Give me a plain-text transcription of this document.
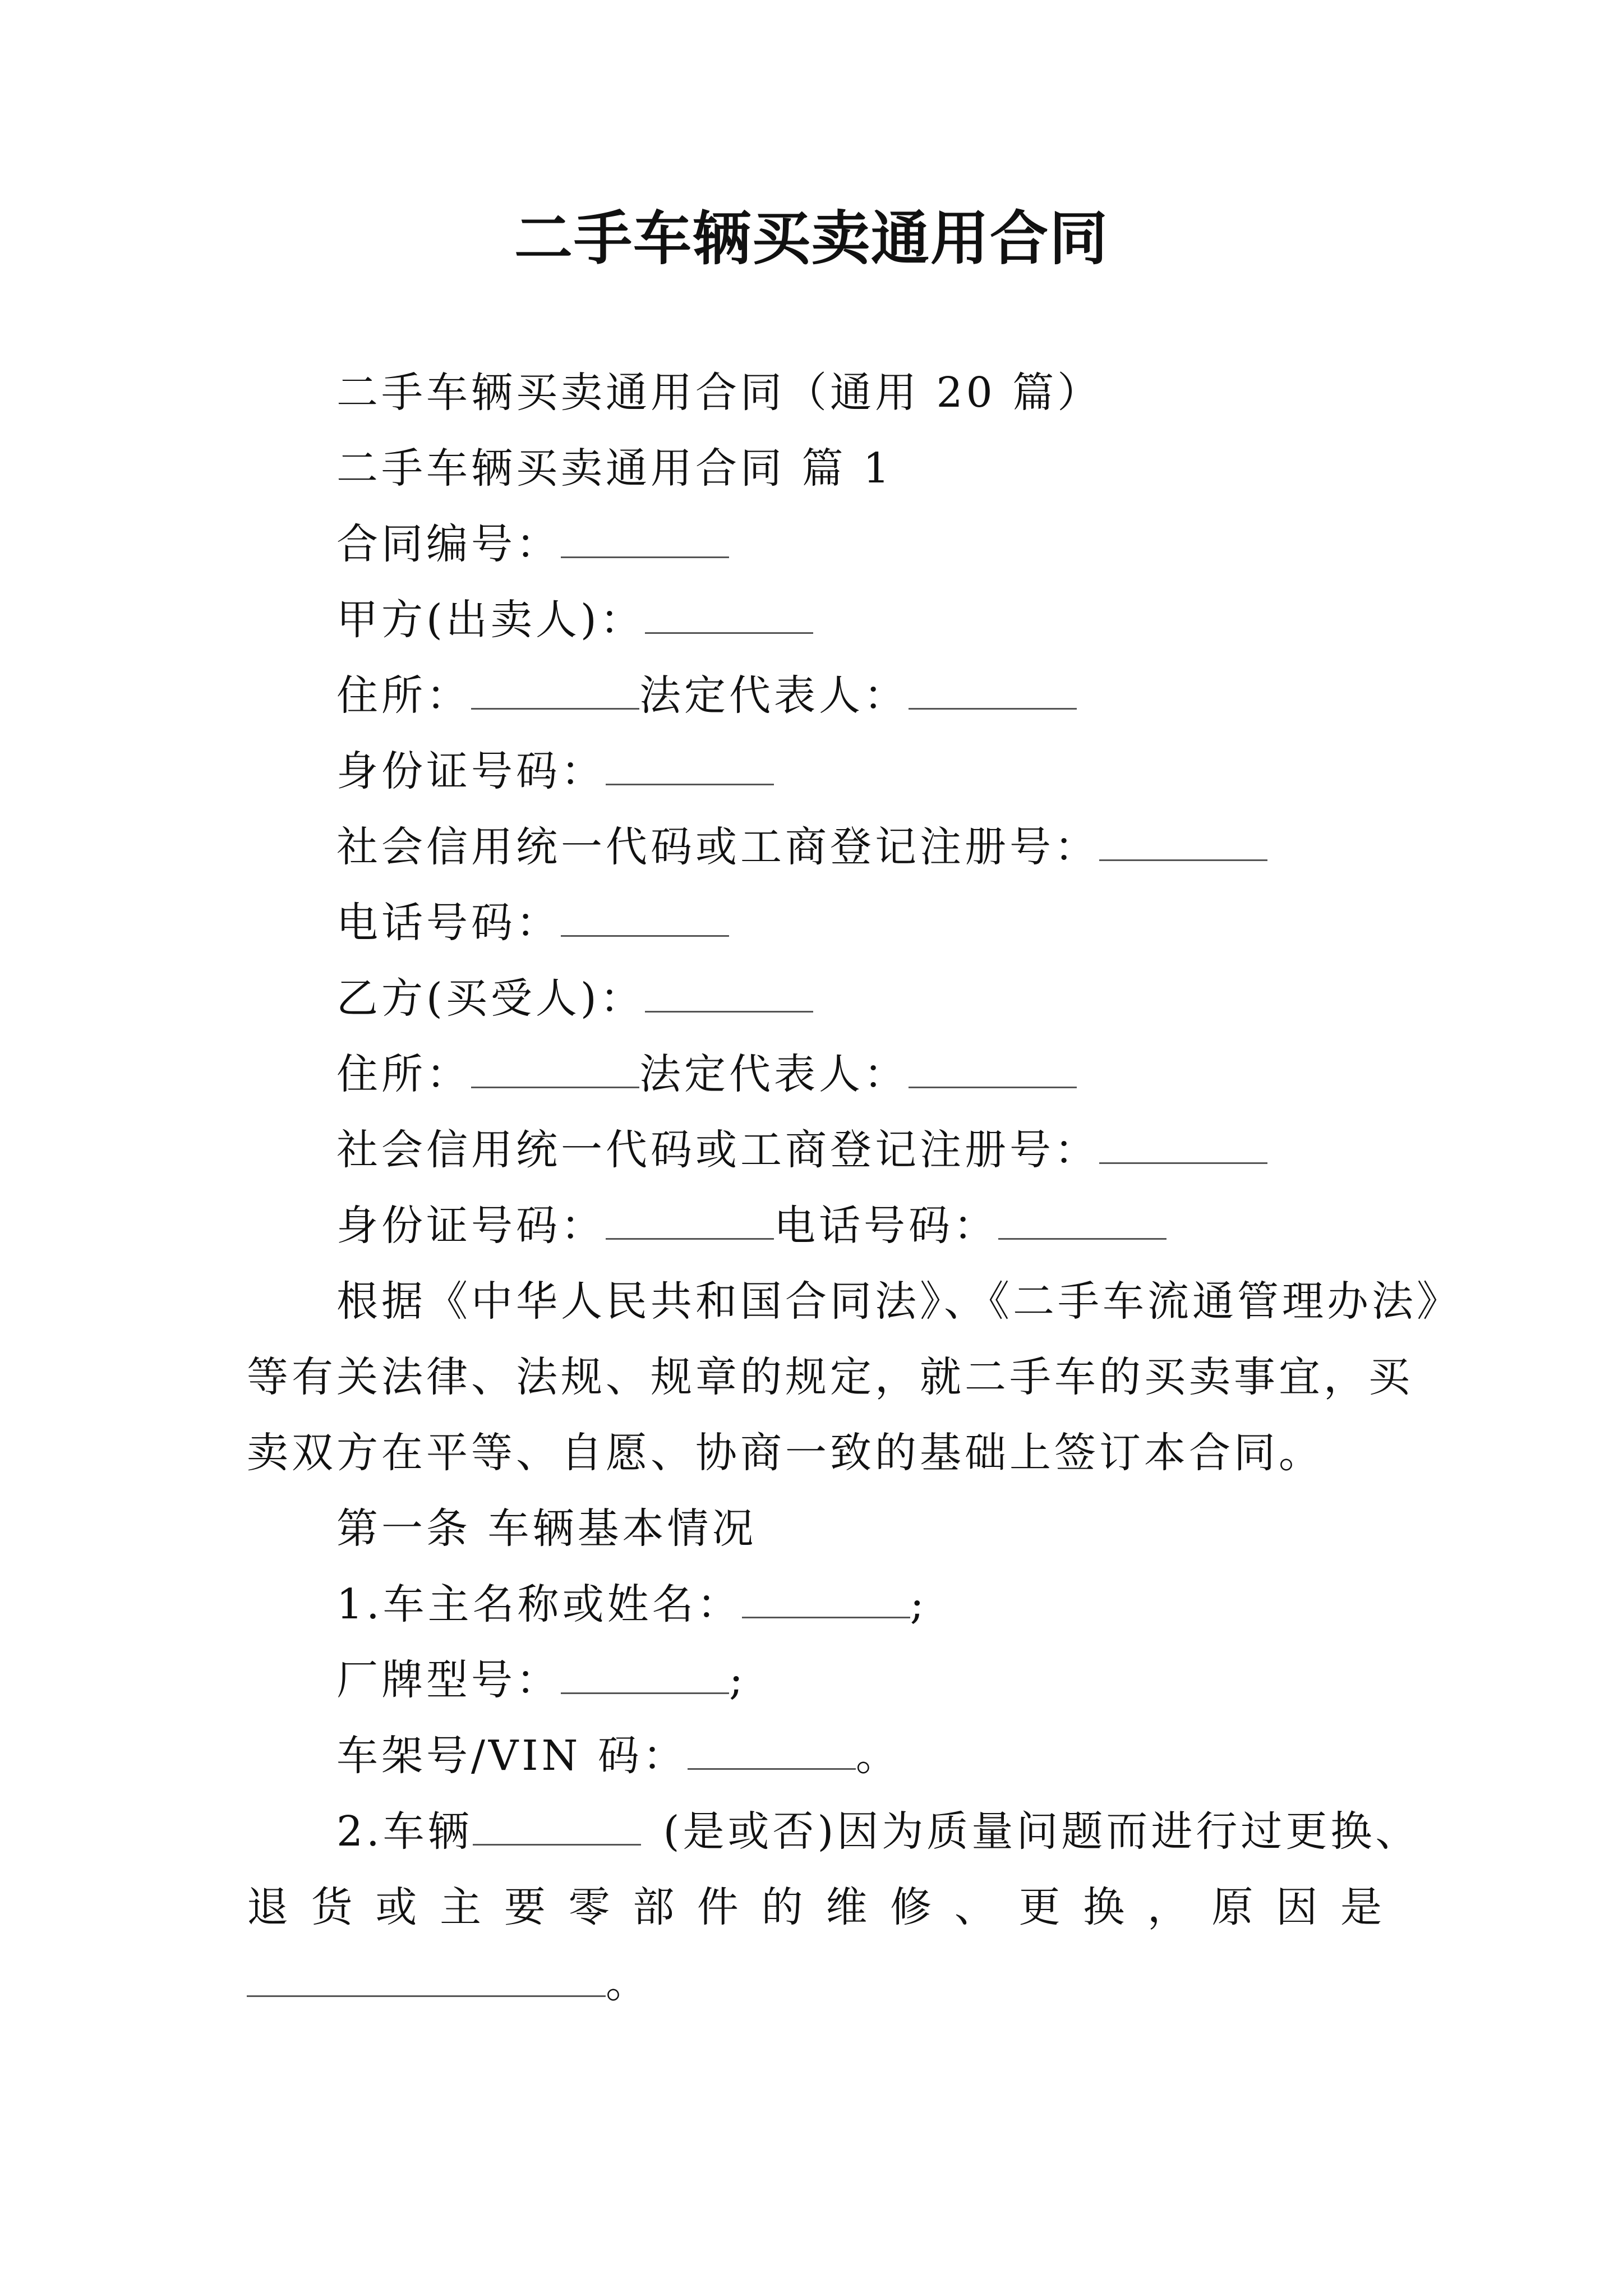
二手车辆买卖通用合同
二手车辆买卖通用合同（通用 20 篇）
二手车辆买卖通用合同 篇 1
合同编号：
甲方(出卖人)：
住所：	法定代表人：
身份证号码：
社会信用统一代码或工商登记注册号：
电话号码：
乙方(买受人)：
住所：	法定代表人：
社会信用统一代码或工商登记注册号：
身份证号码：	电话号码：
根据《中华人民共和国合同法》、《二手车流通管理办法》
等有关法律、法规、规章的规定，就二手车的买卖事宜，买
卖双方在平等、自愿、协商一致的基础上签订本合同。
第一条 车辆基本情况
1.车主名称或姓名：	;
厂牌型号：	;
车架号/VIN 码：	。
2.车辆	(是或否)因为质量问题而进行过更换、
退 货 或 主 要 零 部 件 的 维 修 、 更 换 ， 原 因 是
。
